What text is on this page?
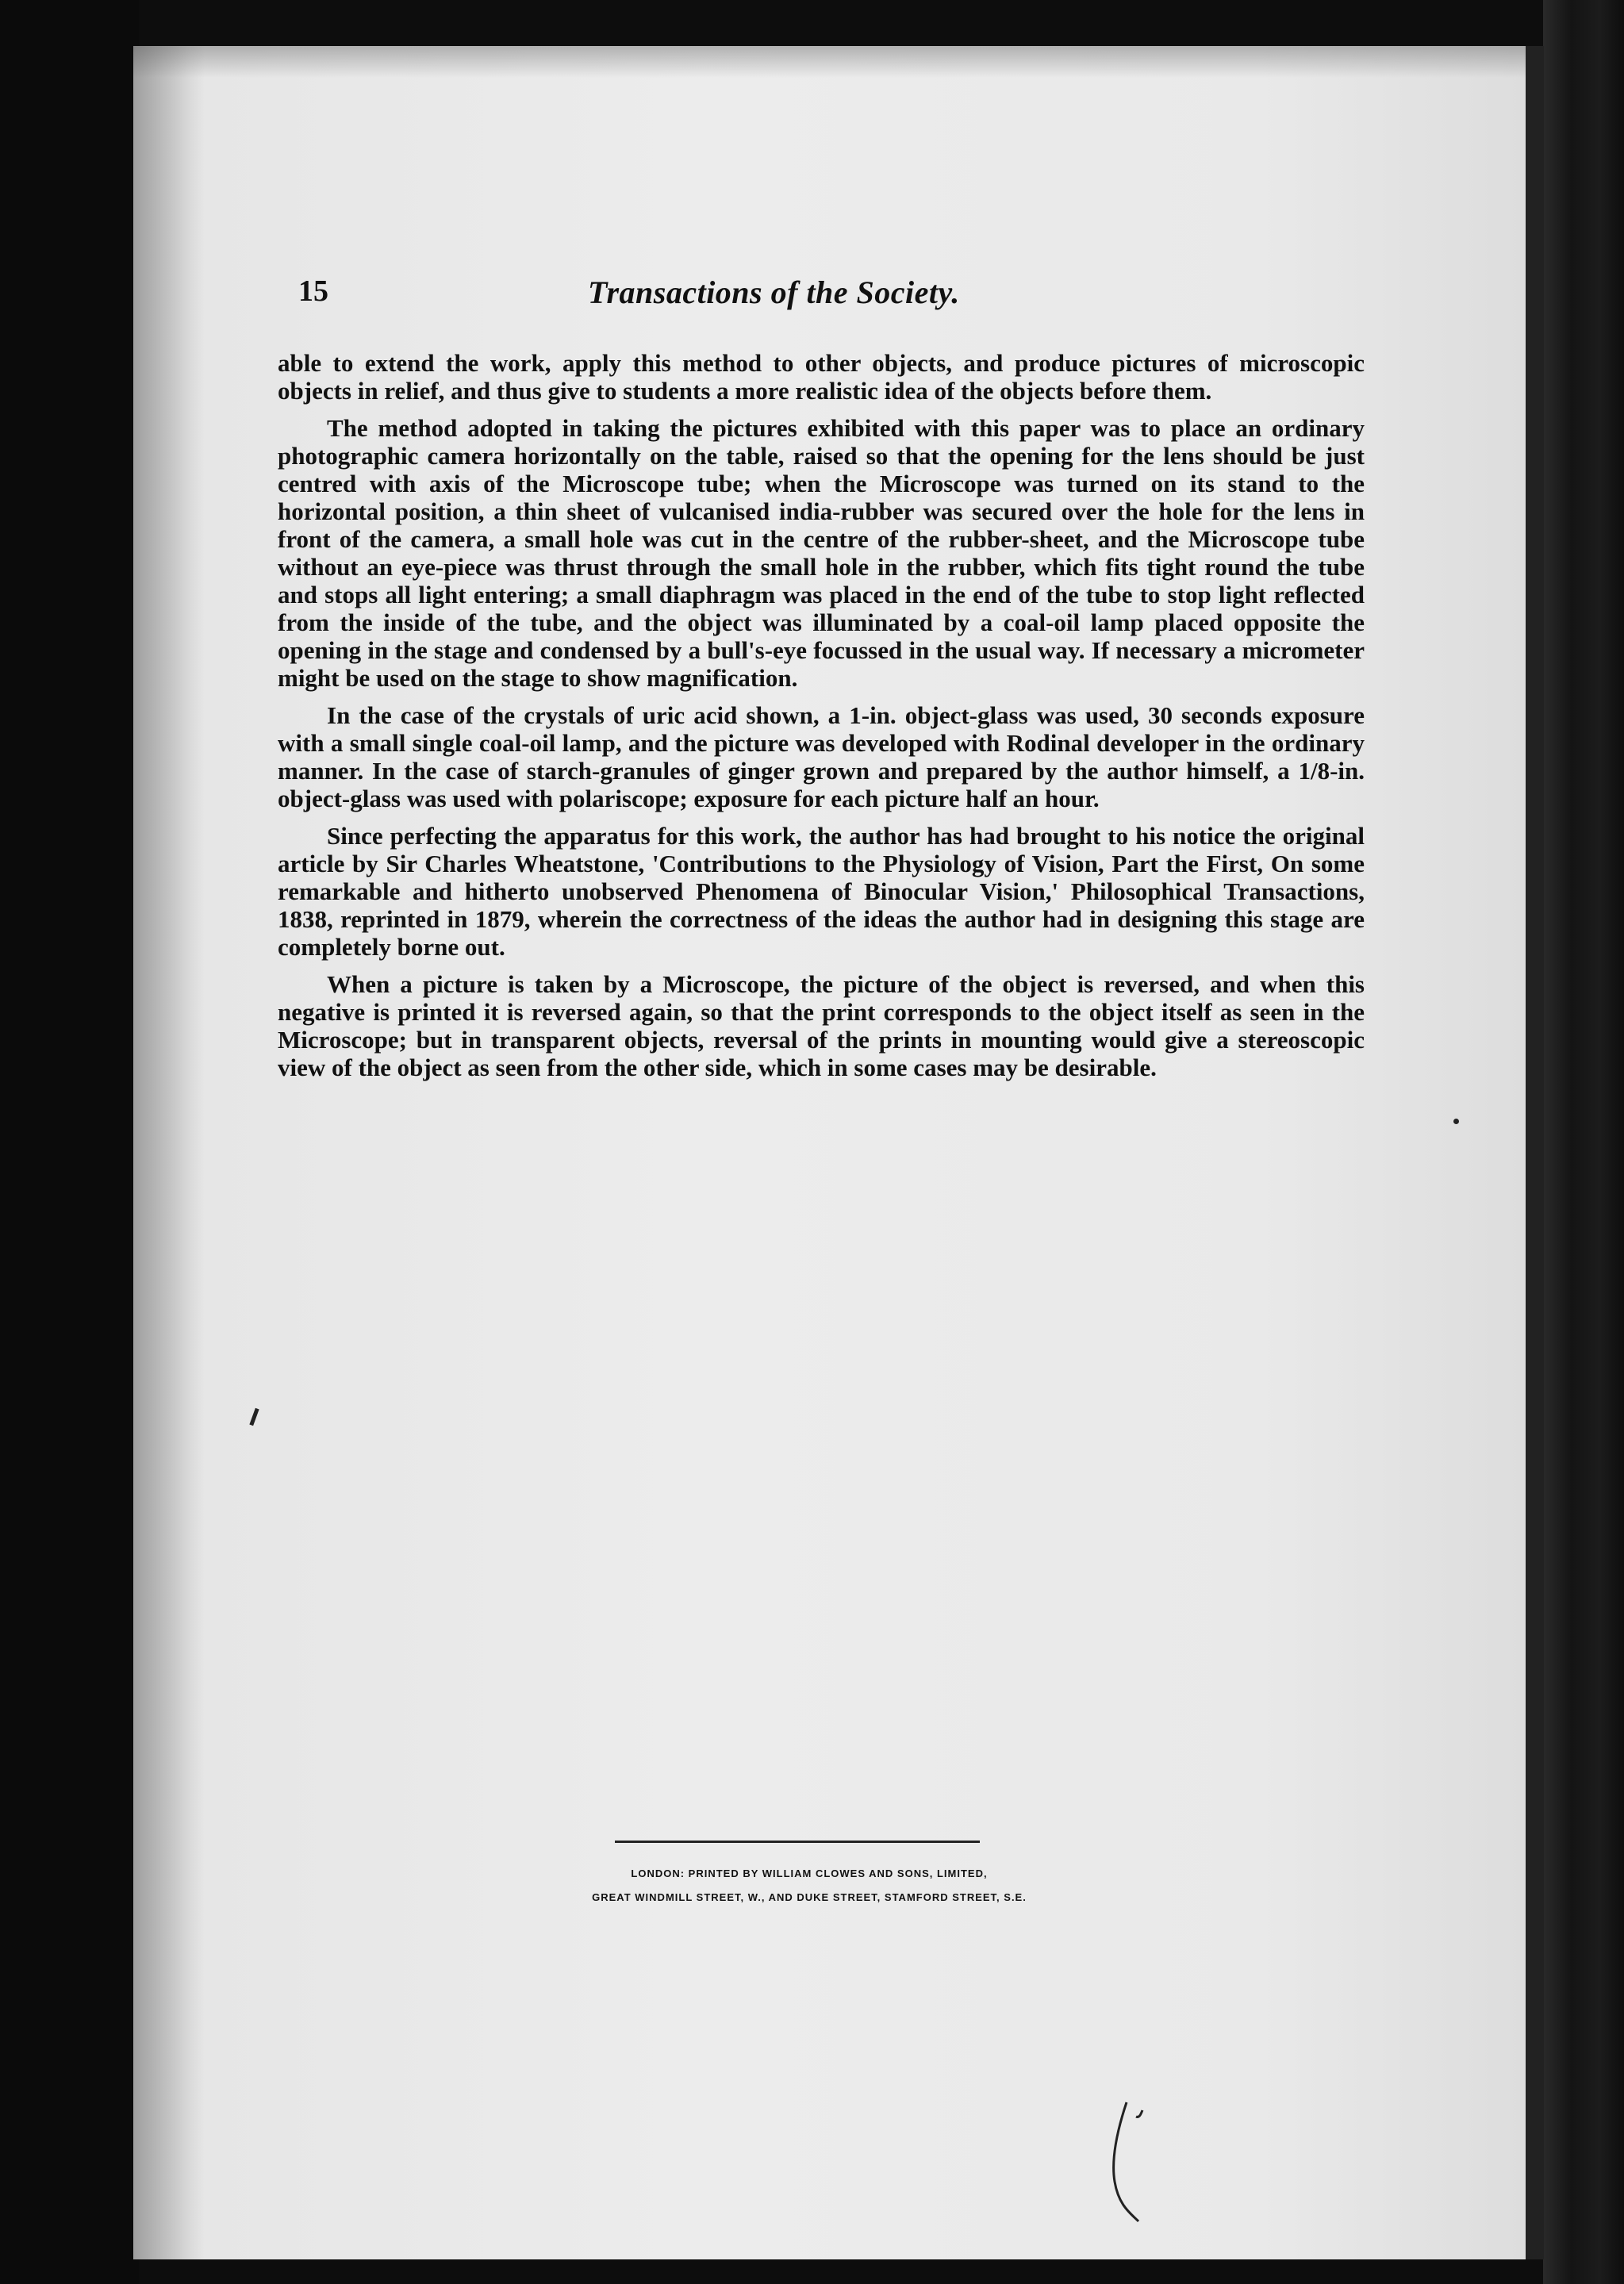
15	Transactions of the Society.

able to extend the work, apply this method to other objects, and produce pictures of microscopic objects in relief, and thus give to students a more realistic idea of the objects before them.

The method adopted in taking the pictures exhibited with this paper was to place an ordinary photographic camera horizontally on the table, raised so that the opening for the lens should be just centred with axis of the Microscope tube; when the Microscope was turned on its stand to the horizontal position, a thin sheet of vulcanised india-rubber was secured over the hole for the lens in front of the camera, a small hole was cut in the centre of the rubber-sheet, and the Microscope tube without an eye-piece was thrust through the small hole in the rubber, which fits tight round the tube and stops all light entering; a small diaphragm was placed in the end of the tube to stop light reflected from the inside of the tube, and the object was illuminated by a coal-oil lamp placed opposite the opening in the stage and condensed by a bull's-eye focussed in the usual way. If necessary a micrometer might be used on the stage to show magnification.

In the case of the crystals of uric acid shown, a 1-in. object-glass was used, 30 seconds exposure with a small single coal-oil lamp, and the picture was developed with Rodinal developer in the ordinary manner. In the case of starch-granules of ginger grown and prepared by the author himself, a 1/8-in. object-glass was used with polariscope; exposure for each picture half an hour.

Since perfecting the apparatus for this work, the author has had brought to his notice the original article by Sir Charles Wheatstone, 'Contributions to the Physiology of Vision, Part the First, On some remarkable and hitherto unobserved Phenomena of Binocular Vision,' Philosophical Transactions, 1838, reprinted in 1879, wherein the correctness of the ideas the author had in designing this stage are completely borne out.

When a picture is taken by a Microscope, the picture of the object is reversed, and when this negative is printed it is reversed again, so that the print corresponds to the object itself as seen in the Microscope; but in transparent objects, reversal of the prints in mounting would give a stereoscopic view of the object as seen from the other side, which in some cases may be desirable.

LONDON: PRINTED BY WILLIAM CLOWES AND SONS, LIMITED,
GREAT WINDMILL STREET, W., AND DUKE STREET, STAMFORD STREET, S.E.
